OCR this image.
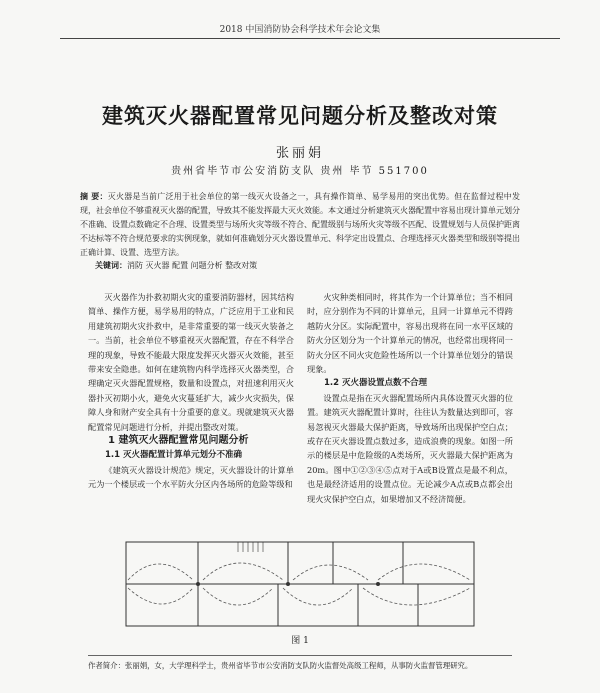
2018 中国消防协会科学技术年会论文集
建筑灭火器配置常见问题分析及整改对策
张丽娟
贵州省毕节市公安消防支队 贵州 毕节 551700
摘 要：灭火器是当前广泛用于社会单位的第一线灭火设备之一，具有操作简单、易学易用的突出优势。但在监督过程中发现，社会单位不够重视灭火器的配置，导致其不能发挥最大灭火效能。本文通过分析建筑灭火器配置中容易出现计算单元划分不准确、设置点数确定不合理、设置类型与场所火灾等级不符合、配置级别与场所火灾等级不匹配、设置规划与人员保护距离不达标等不符合规范要求的实例现象，就如何准确划分灭火器设置单元、科学定出设置点、合理选择灭火器类型和级别等提出正确计算、设置、选型方法。
关键词：消防 灭火器 配置 问题分析 整改对策

灭火器作为扑救初期火灾的重要消防器材，因其结构简单、操作方便，易学易用的特点，广泛应用于工业和民用建筑初期火灾扑救中，是非常重要的第一线灭火装备之一。当前，社会单位不够重视灭火器配置，存在不科学合理的现象，导致不能最大限度发挥灭火器灭火效能，甚至带来安全隐患。如何在建筑物内科学选择灭火器类型，合理确定灭火器配置规格，数量和设置点，对扭速利用灭火器扑灭初期小火，避免火灾蔓延扩大，减少火灾损失，保障人身和财产安全具有十分重要的意义。现就建筑灭火器配置常见问题进行分析，并提出整改对策。

1 建筑灭火器配置常见问题分析

1.1 灭火器配置计算单元划分不准确

《建筑灭火器设计规范》规定，灭火器设计的计算单元为一个楼层或一个水平防火分区内各场所的危险等级和

火灾种类相同时，将其作为一个计算单位；当不相同时，应分别作为不同的计算单元，且同一计算单元不得跨越防火分区。实际配置中，容易出现将在同一水平区域的防火分区划分为一个计算单元的情况，也经常出现将同一防火分区不同火灾危险性场所以一个计算单位划分的错误现象。

1.2 灭火器设置点数不合理

设置点是指在灭火器配置场所内具体设置灭火器的位置。建筑灭火器配置计算时，往往认为数量达到即可，容易忽视灭火器最大保护距离，导致场所出现保护空白点；或存在灭火器设置点数过多，造成浪费的现象。如图一所示的楼层是中危险级的A类场所，灭火器最大保护距离为20m。图中①②③④⑤点对于A或B设置点是最不利点，也是最经济适用的设置点位。无论减少A点或B点都会出现火灾保护空白点，如果增加又不经济简便。

图 1
作者简介：张丽娟，女，大学理科学士，贵州省毕节市公安消防支队防火监督处高级工程师，从事防火监督管理研究。
